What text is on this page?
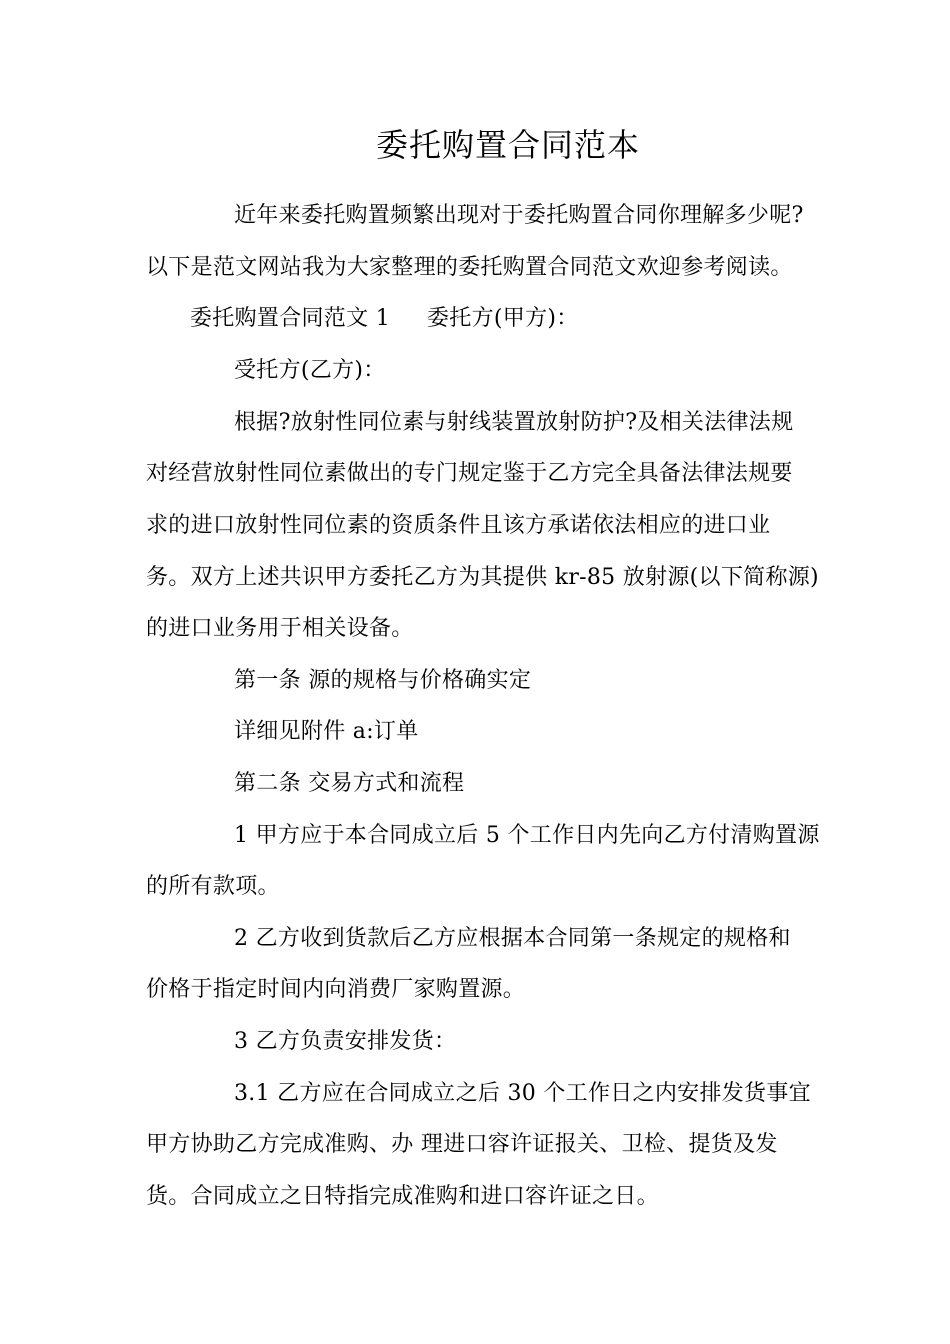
委托购置合同范本
近年来委托购置频繁出现对于委托购置合同你理解多少呢?
以下是范文网站我为大家整理的委托购置合同范文欢迎参考阅读。
委托购置合同范文 1 委托方(甲方)：
受托方(乙方)：
根据?放射性同位素与射线装置放射防护?及相关法律法规
对经营放射性同位素做出的专门规定鉴于乙方完全具备法律法规要
求的进口放射性同位素的资质条件且该方承诺依法相应的进口业
务。双方上述共识甲方委托乙方为其提供 kr-85 放射源(以下简称源)
的进口业务用于相关设备。
第一条 源的规格与价格确实定
详细见附件 a:订单
第二条 交易方式和流程
1 甲方应于本合同成立后 5 个工作日内先向乙方付清购置源
的所有款项。
2 乙方收到货款后乙方应根据本合同第一条规定的规格和
价格于指定时间内向消费厂家购置源。
3 乙方负责安排发货：
3.1 乙方应在合同成立之后 30 个工作日之内安排发货事宜
甲方协助乙方完成准购、办 理进口容许证报关、卫检、提货及发
货。合同成立之日特指完成准购和进口容许证之日。
